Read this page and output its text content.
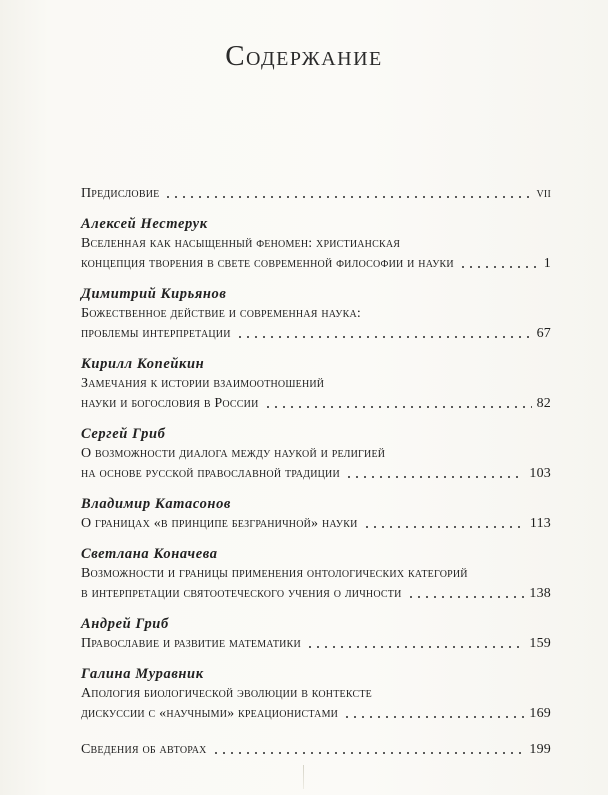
Содержание
Предисловие	vii
Алексей Нестерук
Вселенная как насыщенный феномен: христианская
концепция творения в свете современной философии и науки	1
Димитрий Кирьянов
Божественное действие и современная наука:
проблемы интерпретации	67
Кирилл Копейкин
Замечания к истории взаимоотношений
науки и богословия в России	82
Сергей Гриб
О возможности диалога между наукой и религией
на основе русской православной традиции	103
Владимир Катасонов
О границах «в принципе безграничной» науки	113
Светлана Коначева
Возможности и границы применения онтологических категорий
в интерпретации святоотеческого учения о личности	138
Андрей Гриб
Православие и развитие математики	159
Галина Муравник
Апология биологической эволюции в контексте
дискуссии с «научными» креационистами	169
Сведения об авторах	199
